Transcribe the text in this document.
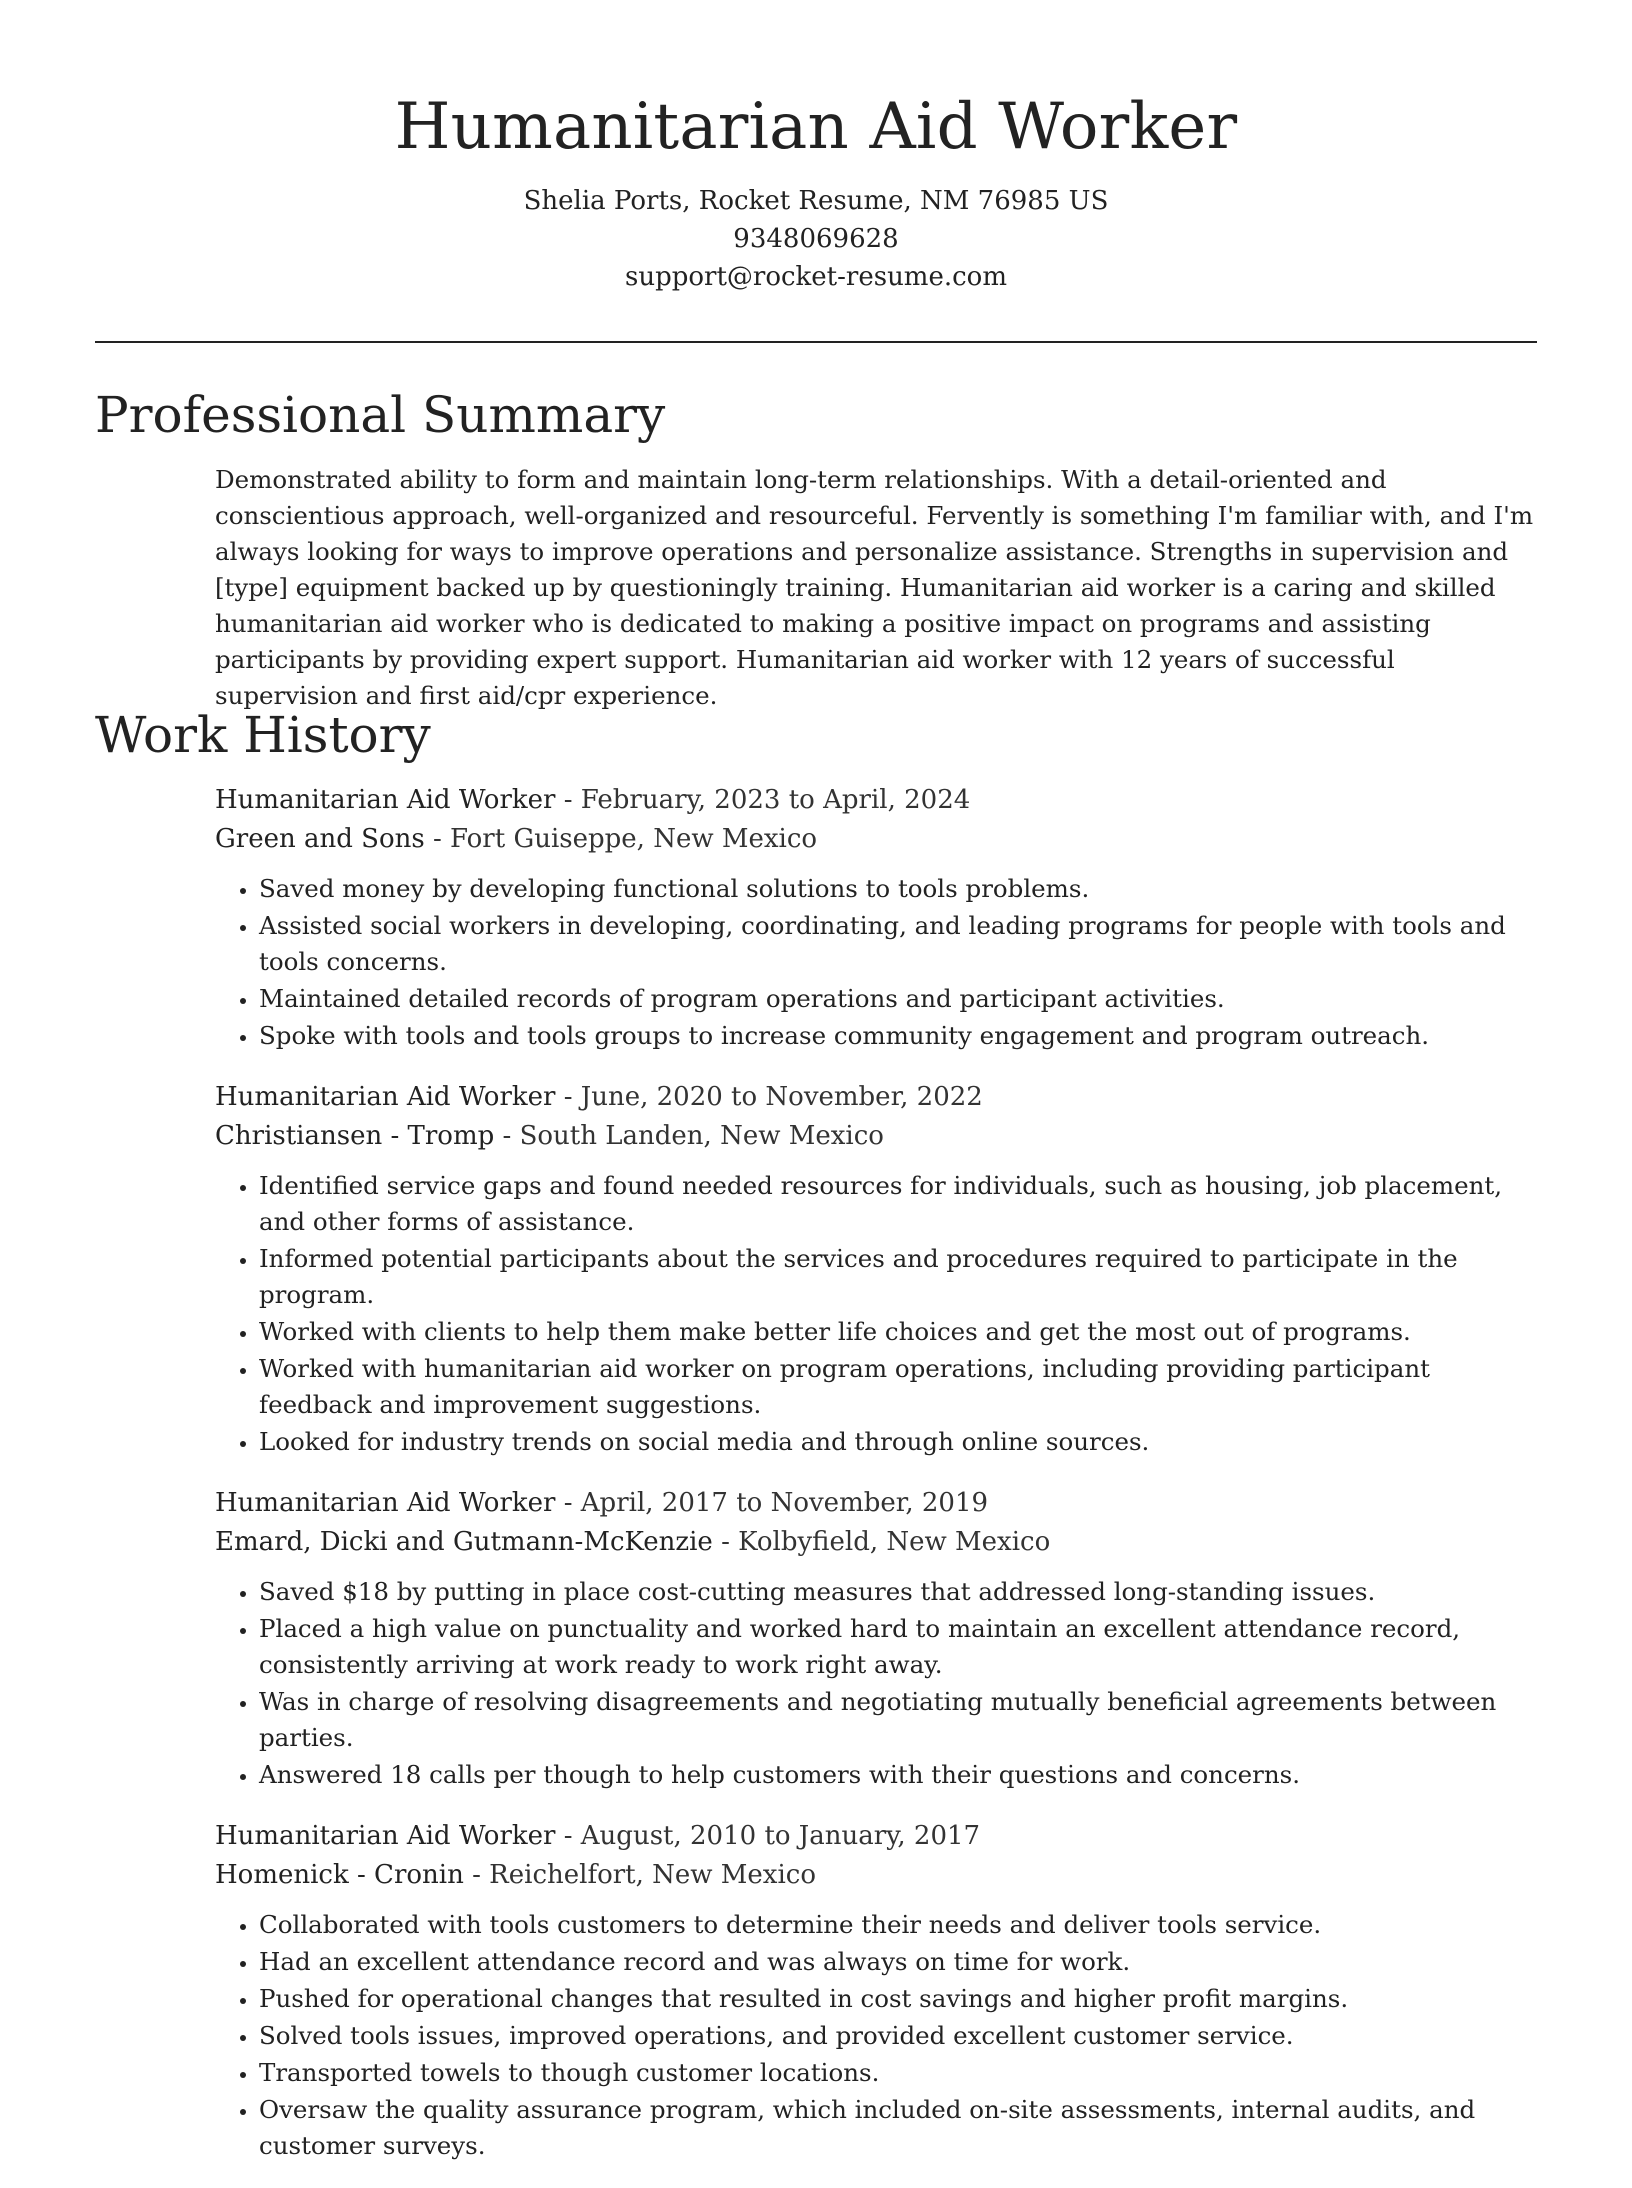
Humanitarian Aid Worker
Shelia Ports, Rocket Resume, NM 76985 US
9348069628
support@rocket-resume.com
Professional Summary
Demonstrated ability to form and maintain long-term relationships. With a detail-oriented and conscientious approach, well-organized and resourceful. Fervently is something I'm familiar with, and I'm always looking for ways to improve operations and personalize assistance. Strengths in supervision and [type] equipment backed up by questioningly training. Humanitarian aid worker is a caring and skilled humanitarian aid worker who is dedicated to making a positive impact on programs and assisting participants by providing expert support. Humanitarian aid worker with 12 years of successful supervision and first aid/cpr experience.
Work History
Humanitarian Aid Worker - February, 2023 to April, 2024
Green and Sons - Fort Guiseppe, New Mexico
• Saved money by developing functional solutions to tools problems.
• Assisted social workers in developing, coordinating, and leading programs for people with tools and tools concerns.
• Maintained detailed records of program operations and participant activities.
• Spoke with tools and tools groups to increase community engagement and program outreach.
Humanitarian Aid Worker - June, 2020 to November, 2022
Christiansen - Tromp - South Landen, New Mexico
• Identified service gaps and found needed resources for individuals, such as housing, job placement, and other forms of assistance.
• Informed potential participants about the services and procedures required to participate in the program.
• Worked with clients to help them make better life choices and get the most out of programs.
• Worked with humanitarian aid worker on program operations, including providing participant feedback and improvement suggestions.
• Looked for industry trends on social media and through online sources.
Humanitarian Aid Worker - April, 2017 to November, 2019
Emard, Dicki and Gutmann-McKenzie - Kolbyfield, New Mexico
• Saved $18 by putting in place cost-cutting measures that addressed long-standing issues.
• Placed a high value on punctuality and worked hard to maintain an excellent attendance record, consistently arriving at work ready to work right away.
• Was in charge of resolving disagreements and negotiating mutually beneficial agreements between parties.
• Answered 18 calls per though to help customers with their questions and concerns.
Humanitarian Aid Worker - August, 2010 to January, 2017
Homenick - Cronin - Reichelfort, New Mexico
• Collaborated with tools customers to determine their needs and deliver tools service.
• Had an excellent attendance record and was always on time for work.
• Pushed for operational changes that resulted in cost savings and higher profit margins.
• Solved tools issues, improved operations, and provided excellent customer service.
• Transported towels to though customer locations.
• Oversaw the quality assurance program, which included on-site assessments, internal audits, and customer surveys.
